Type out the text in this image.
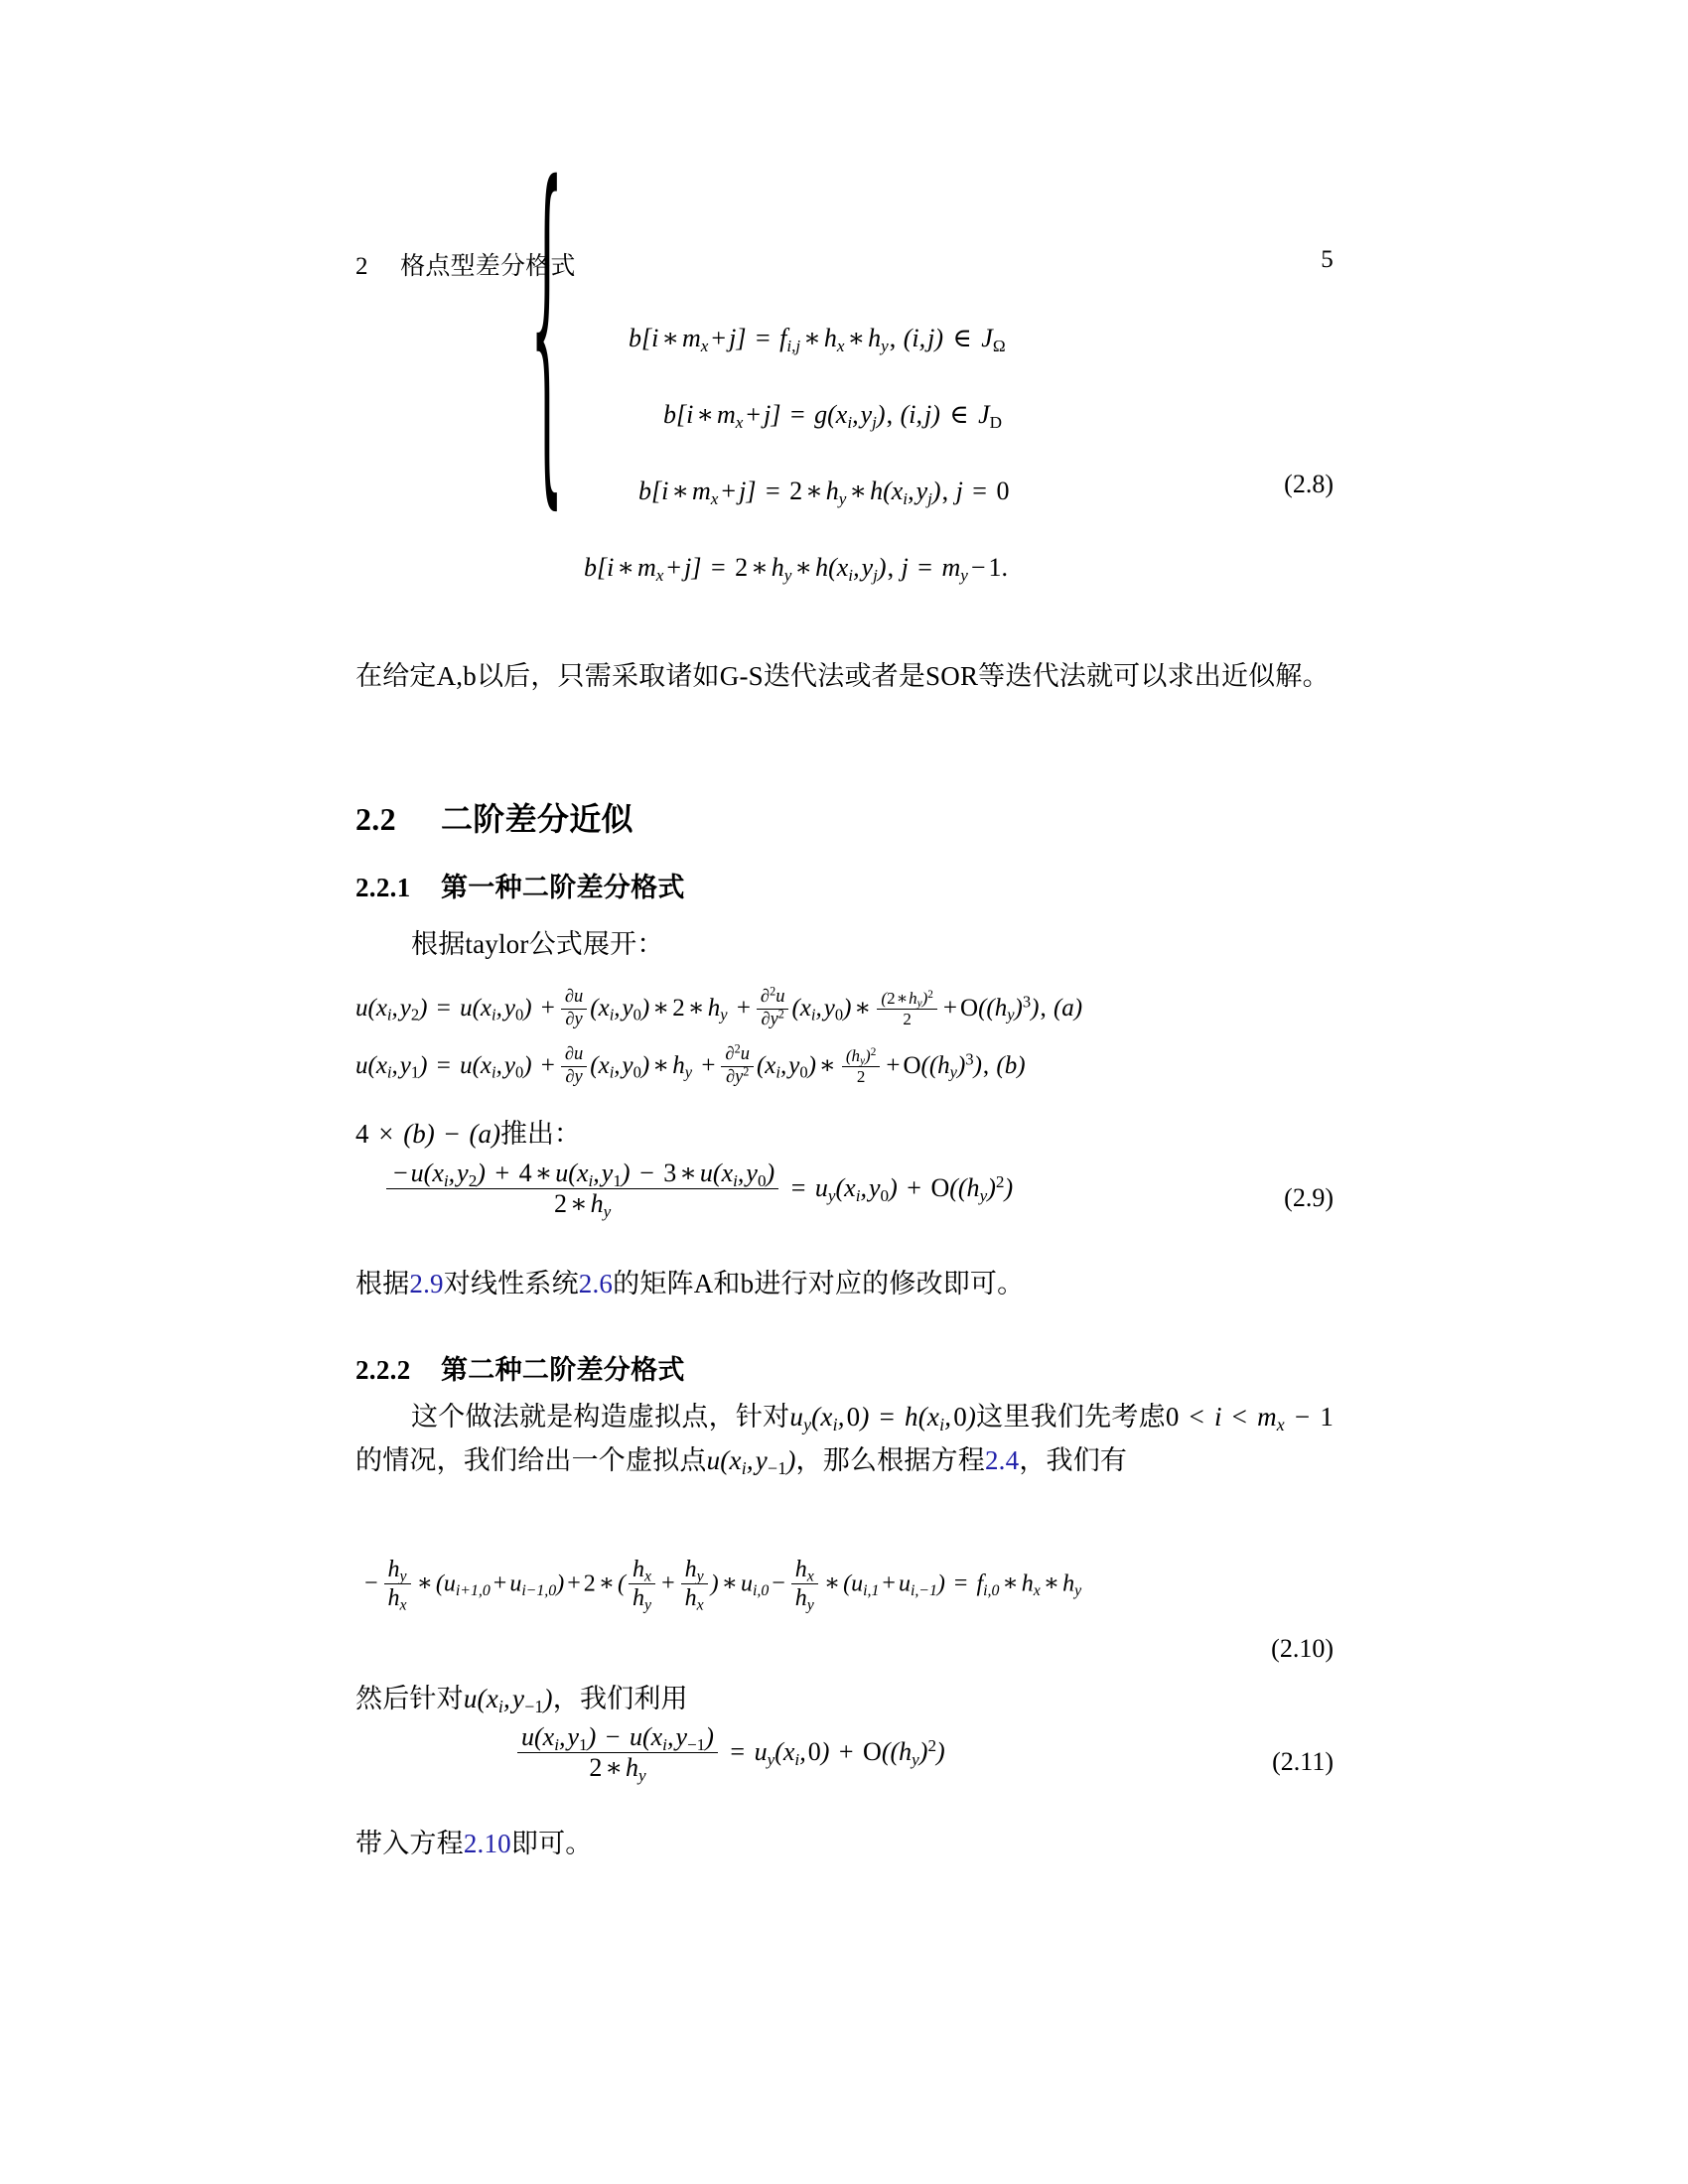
2 格点型差分格式	5
{	b[i ∗ $m_x + j] = f_{i,j}$ ∗ $h_x$ ∗ $h_y$, (i,j) ∈ $J_\Omega$
b[i ∗ $m_x + j] = g(x_i,y_j)$, (i,j) ∈ $J_D$
b[i ∗ $m_x + j] = 2$ ∗ $h_y$ ∗ $h(x_i,y_j)$, j = 0
b[i ∗ $m_x + j] = 2$ ∗ $h_y$ ∗ $h(x_i,y_j)$, $j = m_y - 1$.
(2.8)

在给定A,b以后，只需采取诸如G-S迭代法或者是SOR等迭代法就可以求出近似解。

2.2 二阶差分近似
2.2.1 第一种二阶差分格式

根据taylor公式展开：

$u(x_i,y_2) = u(x_i,y_0) + \frac{\partial u}{\partial y} (x_i,y_0)$ ∗ 2 ∗ $h_y + \frac{\partial^2u}{\partial y^2} (x_i,y_0)$ ∗ $\frac{(2∗h_y)^2}{2} + O((h_y)^3)$, (a)
$u(x_i,y_1) = u(x_i,y_0) + \frac{\partial u}{\partial y} (x_i,y_0)$ ∗ $h_y + \frac{\partial^2u}{\partial y^2} (x_i,y_0)$ ∗ $\frac{(h_y)^2}{2} + O((h_y)^3)$, (b)
4 × (b) − (a)推出：
$\frac{- u(x_i,y_2) + 4 ∗ u(x_i,y_1) - 3 ∗ u(x_i,y_0)}{2 ∗ h_y} = u_y(x_i,y_0) + O((h_y)^2)$	(2.9)

根据2.9对线性系统2.6的矩阵A和b进行对应的修改即可。

2.2.2 第二种二阶差分格式

这个做法就是构造虚拟点，针对$u_y(x_i,0) = h(x_i,0)$这里我们先考虑$0 < i < m_x - 1$的情况，我们给出一个虚拟点$u(x_i,y_{-1})$，那么根据方程2.4，我们有

− $\frac{h_y}{h_x}$ ∗ $(u_{i+1,0} + u_{i-1,0}) + 2$ ∗ ( $\frac{h_x}{h_y} + \frac{h_y}{h_x}$ ) ∗ $u_{i,0} - \frac{h_x}{h_y}$ ∗ $(u_{i,1} + u_{i,-1}) = f_{i,0}$ ∗ $h_x$ ∗ $h_y$
(2.10)

然后针对$u(x_i,y_{-1})$，我们利用

$\frac{u(x_i,y_1) - u(x_i,y_{-1})}{2 ∗ h_y} = u_y(x_i,0) + O((h_y)^2)$	(2.11)

带入方程2.10即可。
